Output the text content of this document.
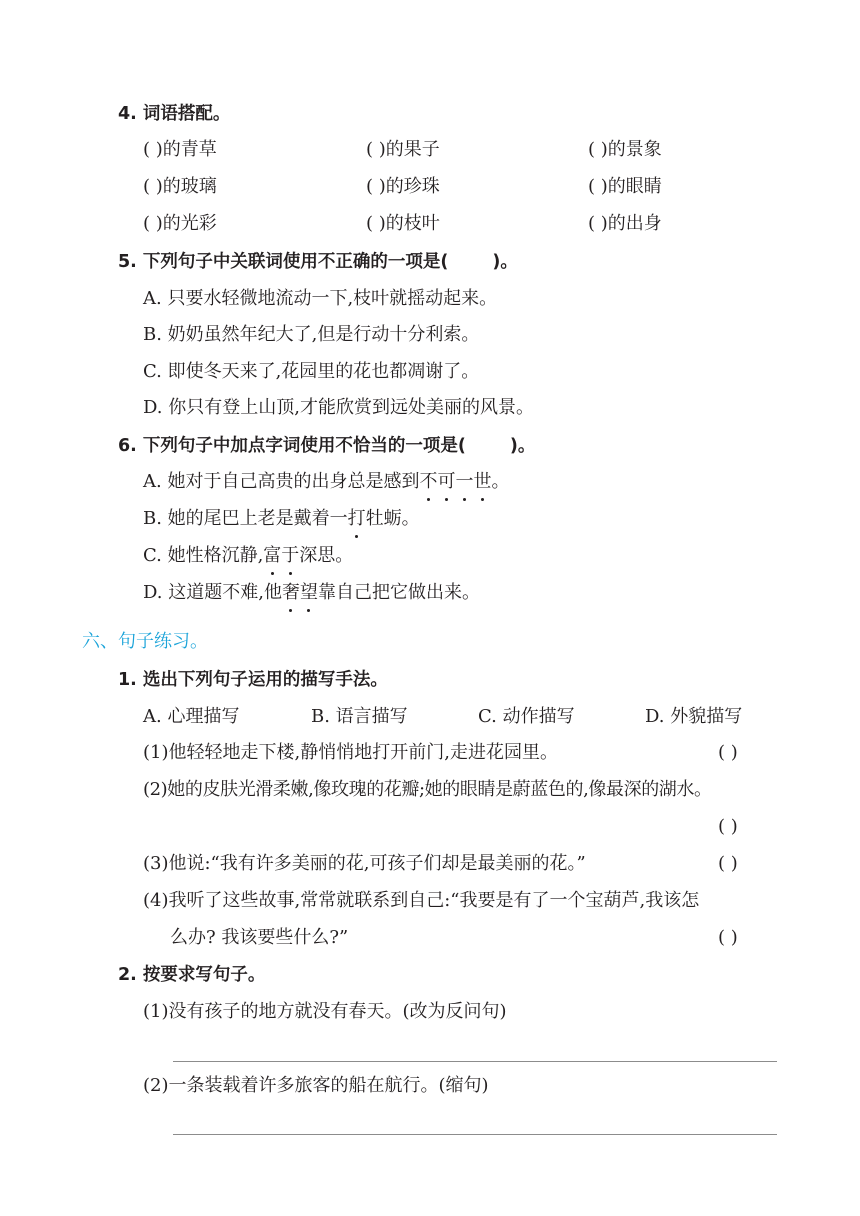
4. 词语搭配。
( )的青草	( )的果子	( )的景象
( )的玻璃	( )的珍珠	( )的眼睛
( )的光彩	( )的枝叶	( )的出身
5. 下列句子中关联词使用不正确的一项是(	)。
A. 只要水轻微地流动一下,枝叶就摇动起来。
B. 奶奶虽然年纪大了,但是行动十分利索。
C. 即使冬天来了,花园里的花也都凋谢了。
D. 你只有登上山顶,才能欣赏到远处美丽的风景。
6. 下列句子中加点字词使用不恰当的一项是(	)。
A. 她对于自己高贵的出身总是感到不可一世。
B. 她的尾巴上老是戴着一打牡蛎。
C. 她性格沉静,富于深思。
D. 这道题不难,他奢望靠自己把它做出来。
六、句子练习。
1. 选出下列句子运用的描写手法。
A. 心理描写	B. 语言描写	C. 动作描写	D. 外貌描写
(1)他轻轻地走下楼,静悄悄地打开前门,走进花园里。	( )
(2)她的皮肤光滑柔嫩,像玫瑰的花瓣;她的眼睛是蔚蓝色的,像最深的湖水。
( )
(3)他说:“我有许多美丽的花,可孩子们却是最美丽的花。”	( )
(4)我听了这些故事,常常就联系到自己:“我要是有了一个宝葫芦,我该怎
么办? 我该要些什么?”	( )
2. 按要求写句子。
(1)没有孩子的地方就没有春天。(改为反问句)
(2)一条装载着许多旅客的船在航行。(缩句)
